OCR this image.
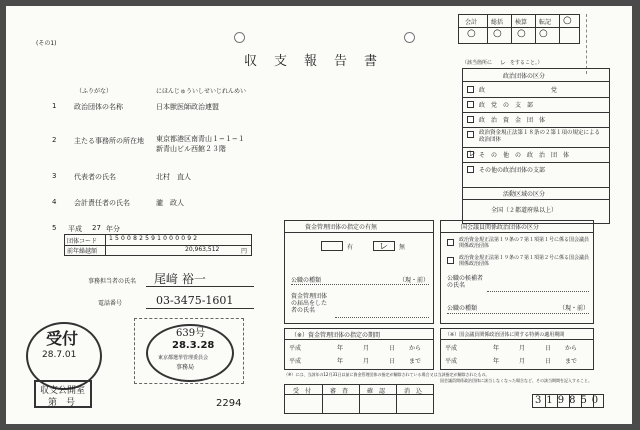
会計 総括 検算 転記 ○
○ ○ ○ ○
(その1)
収　支　報　告　書
（ふりがな）	にほんじゅういしせいじれんめい
1	政治団体の名称	日本獣医師政治連盟
2	主たる事務所の所在地 東京都港区南青山１−１−１
新青山ビル西館２３階
3	代表者の氏名	北村　直人
4	会計責任者の氏名	瀧　政人
5 平成 27 年分
団体コード 150082591000092
前年繰越額	20,963,512	円
事務担当者の氏名 尾﨑 裕一
電話番号	03-3475-1601
受付
28.7.01
収支公開室
第　号
639号
28.3.28
東京都選挙管理委員会
事務局
2294
（該当箇所に レ をすること。）
政治団体の区分
政　　　　　　　　　　　党
政　党　の　支　部
政　治　資　金　団　体
政治資金規正法第１８条の２第１項の規定による政治団体
レ そ　の　他　の　政　治　団　体
その他の政治団体の支部
活動区域の区分
全国（２都道府県以上）
資金管理団体の指定の有無
有	レ 無
公職の種類	（現・前）
資金管理団体の届出をした者の氏名
国会議員関係政治団体の区分
政治資金規正法第１９条の７第１項第１号に係る国会議員関係政治団体
政治資金規正法第１９条の７第１項第２号に係る国会議員関係政治団体
公職の候補者の氏名
公職の種類	（現・前）
（※）資金管理団体の指定の期間
平成	年	月	日 から
平成	年	月	日 まで
（※）国会議員関係政治団体に関する特例の適用期間
平成	年	月	日 から
平成	年	月	日 まで
（※）には、当該年の12月31日以前に資金管理団体の指定が解除されている場合又は当該指定が解除されたもの。
国会議員関係政治団体に該当しなくなった場合など、その該当期間を記入すること。
受　付	審　査	確　認	消　込
319850
